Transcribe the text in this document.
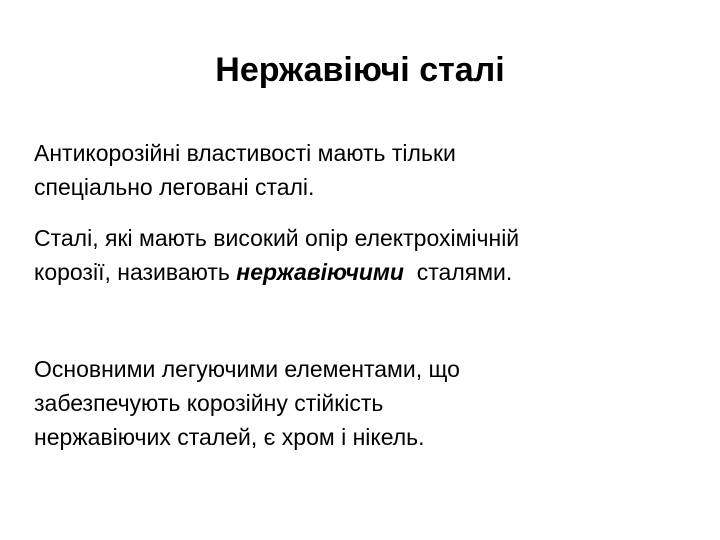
Нержавіючі сталі

Антикорозійні властивості мають тільки
спеціально леговані сталі.

Сталі, які мають високий опір електрохімічній
корозії, називають нержавіючими  сталями.

Основними легуючими елементами, що
забезпечують корозійну стійкість
нержавіючих сталей, є хром і нікель.
